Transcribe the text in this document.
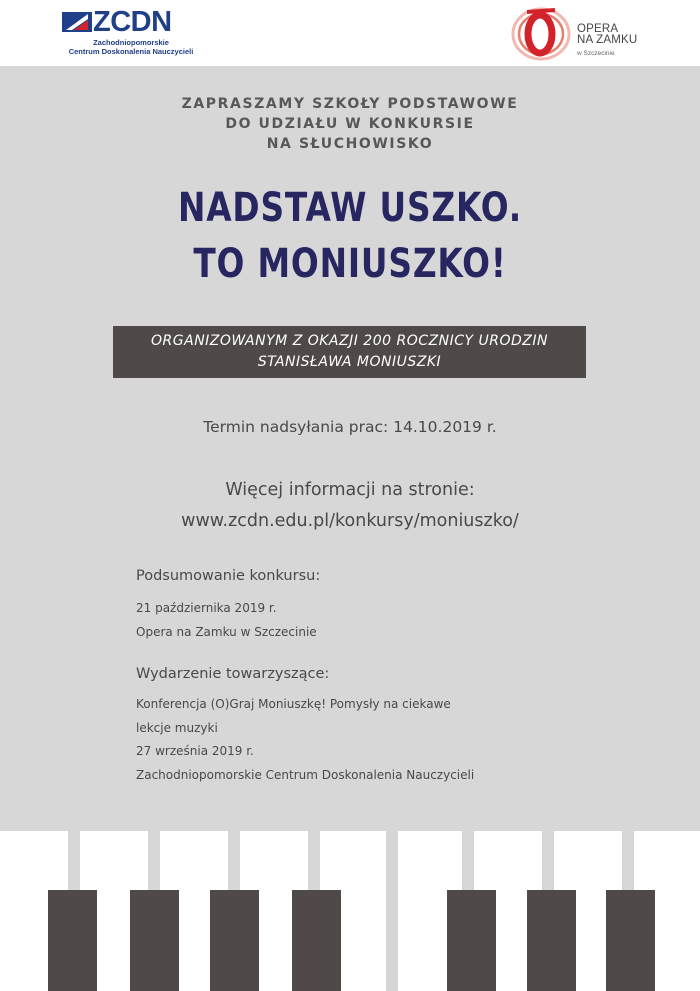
ZCDN
Zachodniopomorskie
Centrum Doskonalenia Nauczycieli
OPERA
NA ZAMKU
w Szczecinie
ZAPRASZAMY SZKOŁY PODSTAWOWE
DO UDZIAŁU W KONKURSIE
NA SŁUCHOWISKO
NADSTAW USZKO.
TO MONIUSZKO!
ORGANIZOWANYM Z OKAZJI 200 ROCZNICY URODZIN
STANISŁAWA MONIUSZKI
Termin nadsyłania prac: 14.10.2019 r.
Więcej informacji na stronie:
www.zcdn.edu.pl/konkursy/moniuszko/
Podsumowanie konkursu:
21 października 2019 r.
Opera na Zamku w Szczecinie
Wydarzenie towarzyszące:
Konferencja (O)Graj Moniuszkę! Pomysły na ciekawe
lekcje muzyki
27 września 2019 r.
Zachodniopomorskie Centrum Doskonalenia Nauczycieli
